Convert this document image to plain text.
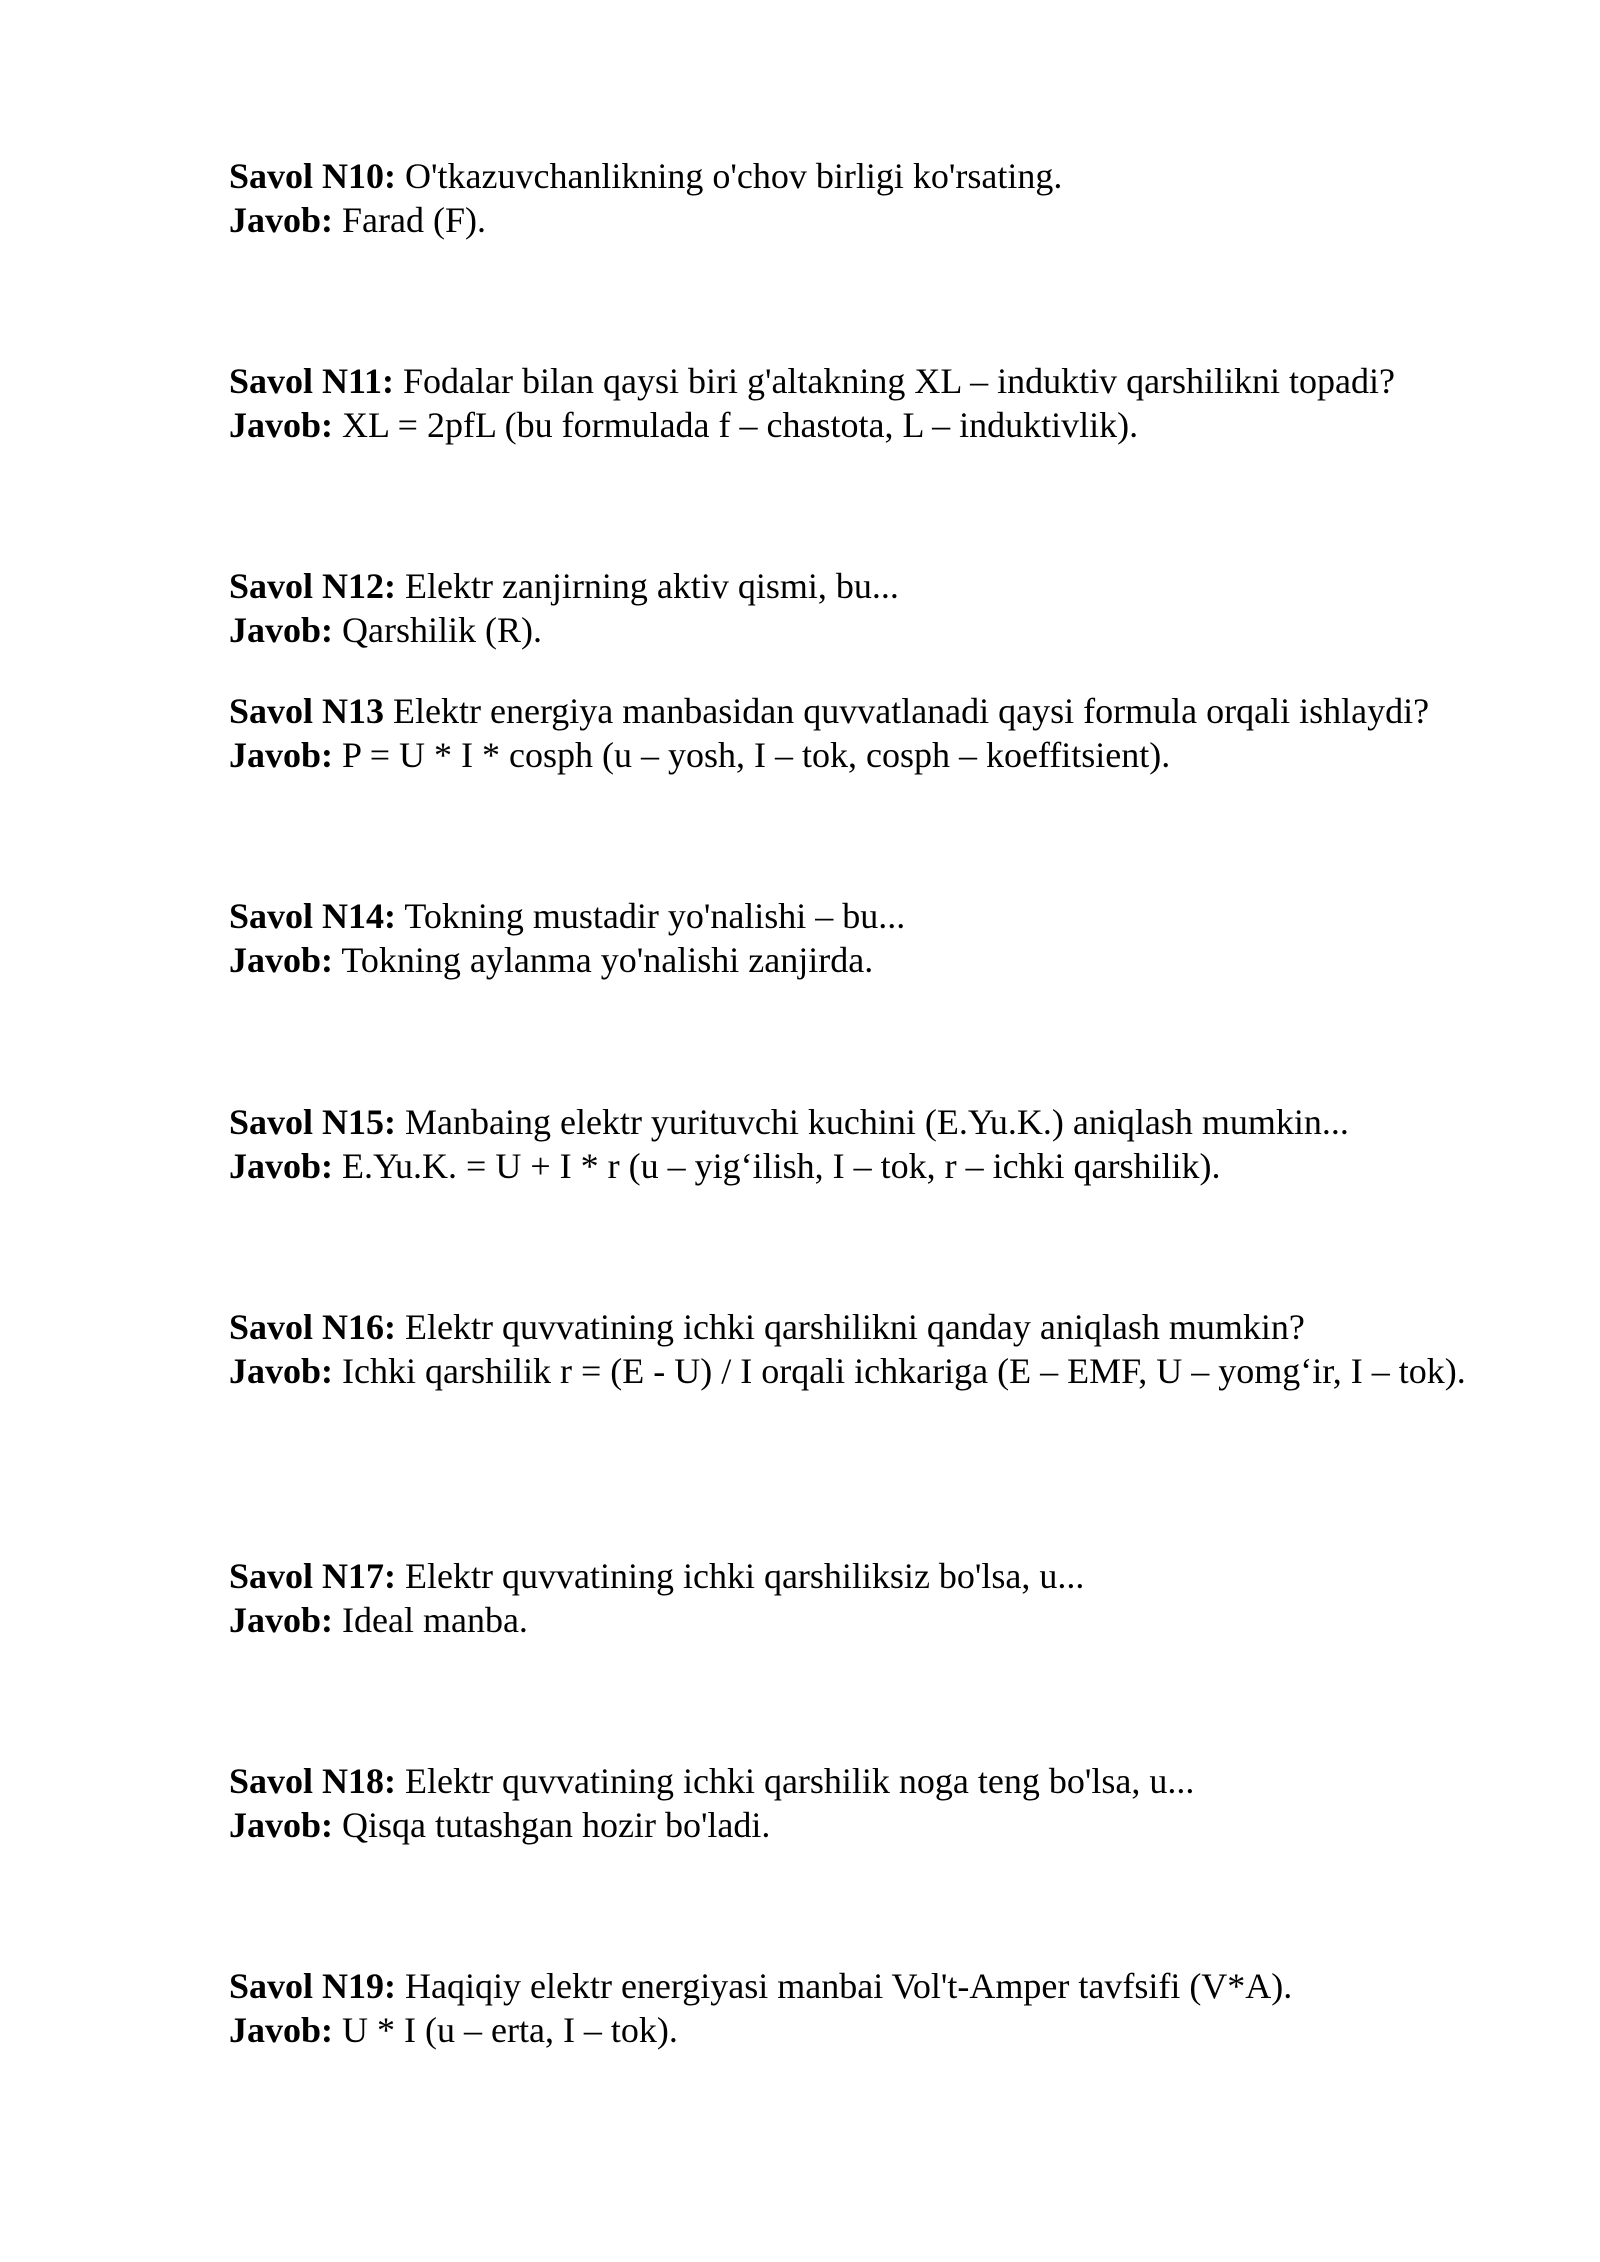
Savol N10: O'tkazuvchanlikning o'chov birligi ko'rsating.
Javob: Farad (F).
Savol N11: Fodalar bilan qaysi biri g'altakning XL – induktiv qarshilikni topadi?
Javob: XL = 2pfL (bu formulada f – chastota, L – induktivlik).
Savol N12: Elektr zanjirning aktiv qismi, bu...
Javob: Qarshilik (R).
Savol N13 Elektr energiya manbasidan quvvatlanadi qaysi formula orqali ishlaydi?
Javob: P = U * I * cosph (u – yosh, I – tok, cosph – koeffitsient).
Savol N14: Tokning mustadir yo'nalishi – bu...
Javob: Tokning aylanma yo'nalishi zanjirda.
Savol N15: Manbaing elektr yurituvchi kuchini (E.Yu.K.) aniqlash mumkin...
Javob: E.Yu.K. = U + I * r (u – yig‘ilish, I – tok, r – ichki qarshilik).
Savol N16: Elektr quvvatining ichki qarshilikni qanday aniqlash mumkin?
Javob: Ichki qarshilik r = (E - U) / I orqali ichkariga (E – EMF, U – yomg‘ir, I – tok).
Savol N17: Elektr quvvatining ichki qarshiliksiz bo'lsa, u...
Javob: Ideal manba.
Savol N18: Elektr quvvatining ichki qarshilik noga teng bo'lsa, u...
Javob: Qisqa tutashgan hozir bo'ladi.
Savol N19: Haqiqiy elektr energiyasi manbai Vol't-Amper tavfsifi (V*A).
Javob: U * I (u – erta, I – tok).
